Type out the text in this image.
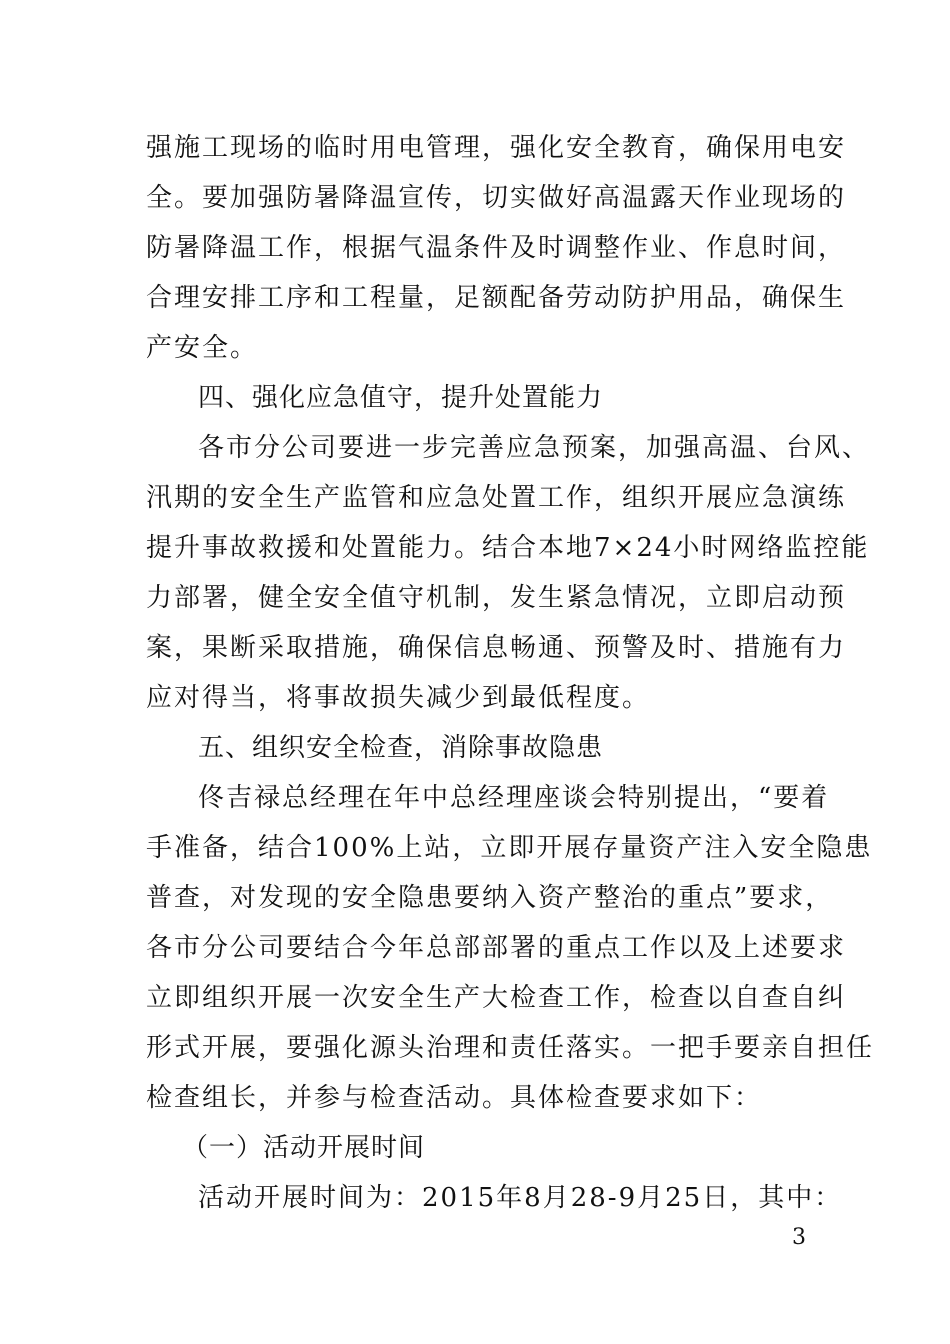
强施工现场的临时用电管理，强化安全教育，确保用电安
全。要加强防暑降温宣传，切实做好高温露天作业现场的
防暑降温工作，根据气温条件及时调整作业、作息时间，
合理安排工序和工程量，足额配备劳动防护用品，确保生
产安全。
四、强化应急值守，提升处置能力
各市分公司要进一步完善应急预案，加强高温、台风、
汛期的安全生产监管和应急处置工作，组织开展应急演练
提升事故救援和处置能力。结合本地7×24小时网络监控能
力部署，健全安全值守机制，发生紧急情况，立即启动预
案，果断采取措施，确保信息畅通、预警及时、措施有力
应对得当，将事故损失减少到最低程度。
五、组织安全检查，消除事故隐患
佟吉禄总经理在年中总经理座谈会特别提出，“要着
手准备，结合100%上站，立即开展存量资产注入安全隐患
普查，对发现的安全隐患要纳入资产整治的重点”要求，
各市分公司要结合今年总部部署的重点工作以及上述要求
立即组织开展一次安全生产大检查工作，检查以自查自纠
形式开展，要强化源头治理和责任落实。一把手要亲自担任
检查组长，并参与检查活动。具体检查要求如下：
（一）活动开展时间
活动开展时间为：2015年8月28-9月25日，其中：
3
